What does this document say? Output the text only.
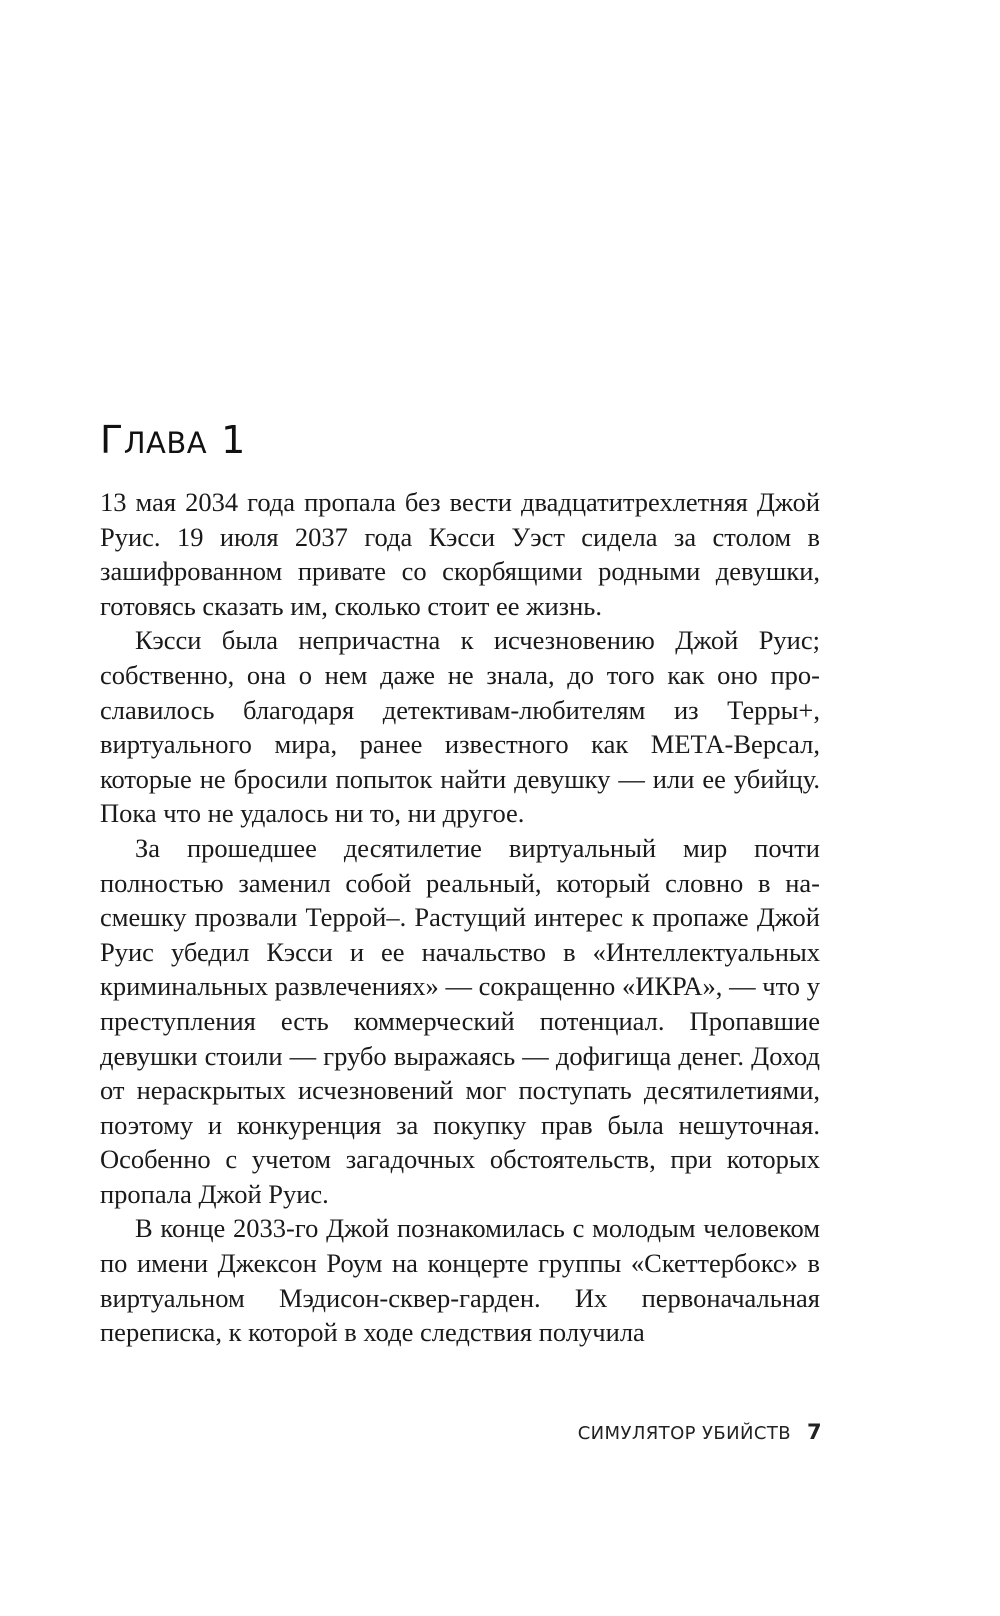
ГЛАВА 1

13 мая 2034 года пропала без вести двадцатитрехлетняя Джой Руис. 19 июля 2037 года Кэсси Уэст сидела за столом в зашифрованном привате со скорбящими родными девушки, готовясь сказать им, сколько стоит ее жизнь.

Кэсси была непричастна к исчезновению Джой Руис; собственно, она о нем даже не знала, до того как оно прославилось благодаря детективам-любителям из Терры+, виртуального мира, ранее известного как МЕТА-Версал, которые не бросили попыток найти девушку — или ее убийцу. Пока что не удалось ни то, ни другое.

За прошедшее десятилетие виртуальный мир почти полностью заменил собой реальный, который словно в насмешку прозвали Террой–. Растущий интерес к пропаже Джой Руис убедил Кэсси и ее начальство в «Интеллектуальных криминальных развлечениях» — сокращенно «ИКРА», — что у преступления есть коммерческий потенциал. Пропавшие девушки стоили — грубо выражаясь — дофигища денег. Доход от нераскрытых исчезновений мог поступать десятилетиями, поэтому и конкуренция за покупку прав была нешуточная. Особенно с учетом загадочных обстоятельств, при которых пропала Джой Руис.

В конце 2033-го Джой познакомилась с молодым человеком по имени Джексон Роум на концерте группы «Скеттербокс» в виртуальном Мэдисон-сквер-гарден. Их первоначальная переписка, к которой в ходе следствия получила

СИМУЛЯТОР УБИЙСТВ 7
